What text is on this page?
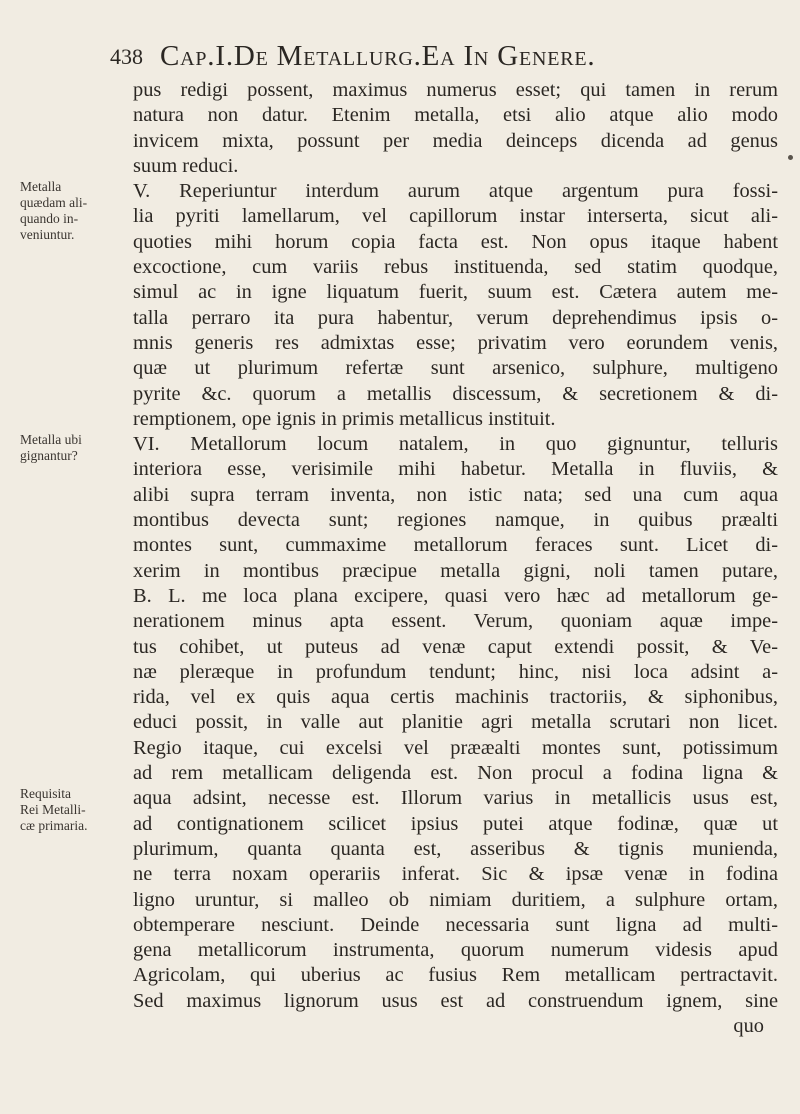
438 Cap.I.De Metallurg.Ea In Genere.
Metalla
quædam ali-
quando in-
veniuntur.
Metalla ubi
gignantur?
Requisita
Rei Metalli-
cæ primaria.
pus redigi possent, maximus numerus esset; qui tamen in rerum
natura non datur. Etenim metalla, etsi alio atque alio modo
invicem mixta, possunt per media deinceps dicenda ad genus
suum reduci.
V. Reperiuntur interdum aurum atque argentum pura fossi-
lia pyriti lamellarum, vel capillorum instar interserta, sicut ali-
quoties mihi horum copia facta est. Non opus itaque habent
excoctione, cum variis rebus instituenda, sed statim quodque,
simul ac in igne liquatum fuerit, suum est. Cætera autem me-
talla perraro ita pura habentur, verum deprehendimus ipsis o-
mnis generis res admixtas esse; privatim vero eorundem venis,
quæ ut plurimum refertæ sunt arsenico, sulphure, multigeno
pyrite &c. quorum a metallis discessum, & secretionem & di-
remptionem, ope ignis in primis metallicus instituit.
VI. Metallorum locum natalem, in quo gignuntur, telluris
interiora esse, verisimile mihi habetur. Metalla in fluviis, &
alibi supra terram inventa, non istic nata; sed una cum aqua
montibus devecta sunt; regiones namque, in quibus præalti
montes sunt, cummaxime metallorum feraces sunt. Licet di-
xerim in montibus præcipue metalla gigni, noli tamen putare,
B. L. me loca plana excipere, quasi vero hæc ad metallorum ge-
nerationem minus apta essent. Verum, quoniam aquæ impe-
tus cohibet, ut puteus ad venæ caput extendi possit, & Ve-
næ pleræque in profundum tendunt; hinc, nisi loca adsint a-
rida, vel ex quis aqua certis machinis tractoriis, & siphonibus,
educi possit, in valle aut planitie agri metalla scrutari non licet.
Regio itaque, cui excelsi vel prææalti montes sunt, potissimum
ad rem metallicam deligenda est. Non procul a fodina ligna &
aqua adsint, necesse est. Illorum varius in metallicis usus est,
ad contignationem scilicet ipsius putei atque fodinæ, quæ ut
plurimum, quanta quanta est, asseribus & tignis munienda,
ne terra noxam operariis inferat. Sic & ipsæ venæ in fodina
ligno uruntur, si malleo ob nimiam duritiem, a sulphure ortam,
obtemperare nesciunt. Deinde necessaria sunt ligna ad multi-
gena metallicorum instrumenta, quorum numerum videsis apud
Agricolam, qui uberius ac fusius Rem metallicam pertractavit.
Sed maximus lignorum usus est ad construendum ignem, sine
quo
